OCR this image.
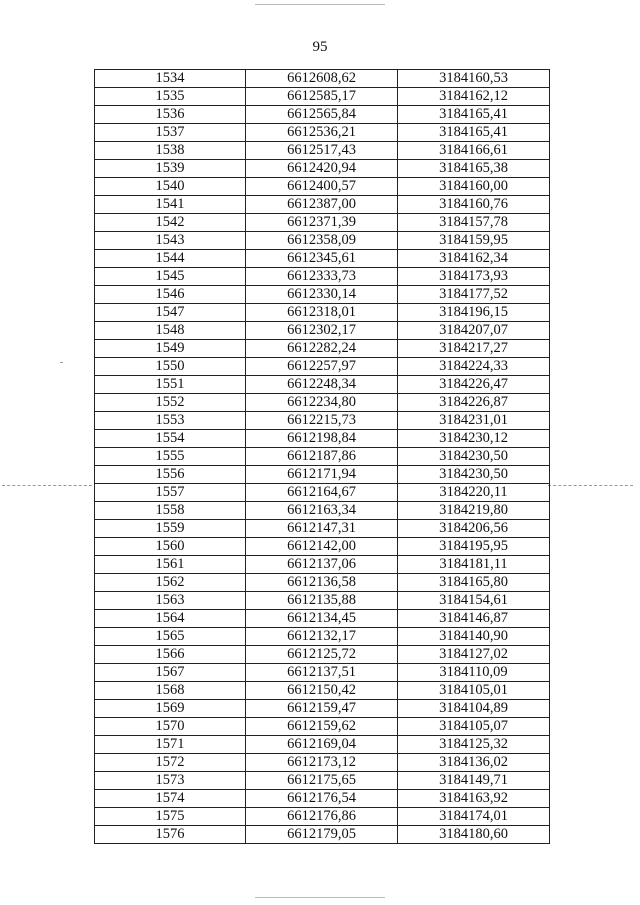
95
1534	6612608,62	3184160,53
1535	6612585,17	3184162,12
1536	6612565,84	3184165,41
1537	6612536,21	3184165,41
1538	6612517,43	3184166,61
1539	6612420,94	3184165,38
1540	6612400,57	3184160,00
1541	6612387,00	3184160,76
1542	6612371,39	3184157,78
1543	6612358,09	3184159,95
1544	6612345,61	3184162,34
1545	6612333,73	3184173,93
1546	6612330,14	3184177,52
1547	6612318,01	3184196,15
1548	6612302,17	3184207,07
1549	6612282,24	3184217,27
1550	6612257,97	3184224,33
1551	6612248,34	3184226,47
1552	6612234,80	3184226,87
1553	6612215,73	3184231,01
1554	6612198,84	3184230,12
1555	6612187,86	3184230,50
1556	6612171,94	3184230,50
1557	6612164,67	3184220,11
1558	6612163,34	3184219,80
1559	6612147,31	3184206,56
1560	6612142,00	3184195,95
1561	6612137,06	3184181,11
1562	6612136,58	3184165,80
1563	6612135,88	3184154,61
1564	6612134,45	3184146,87
1565	6612132,17	3184140,90
1566	6612125,72	3184127,02
1567	6612137,51	3184110,09
1568	6612150,42	3184105,01
1569	6612159,47	3184104,89
1570	6612159,62	3184105,07
1571	6612169,04	3184125,32
1572	6612173,12	3184136,02
1573	6612175,65	3184149,71
1574	6612176,54	3184163,92
1575	6612176,86	3184174,01
1576	6612179,05	3184180,60
